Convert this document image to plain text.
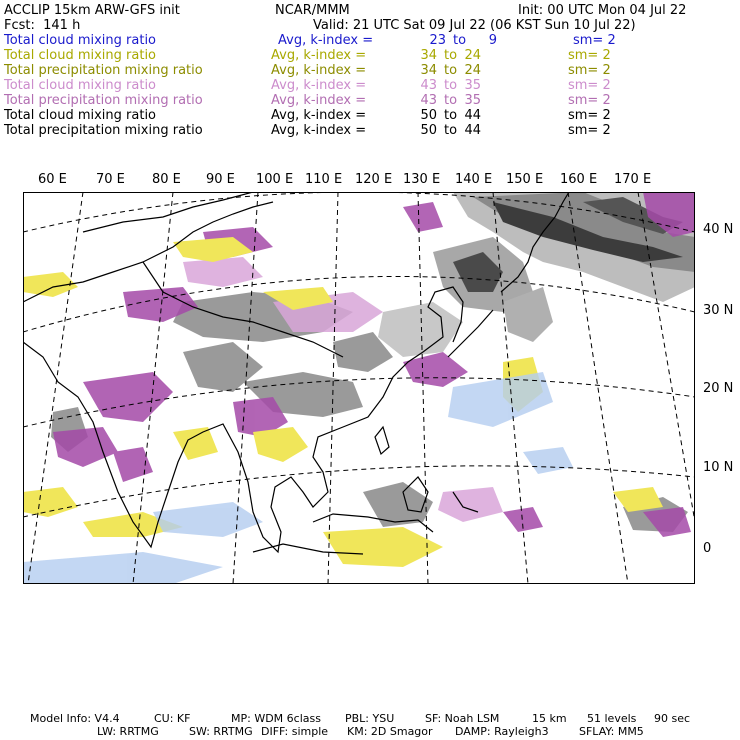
ACCLIP 15km ARW-GFS init	NCAR/MMM	Init: 00 UTC Mon 04 Jul 22
Fcst:  141 h	Valid: 21 UTC Sat 09 Jul 22 (06 KST Sun 10 Jul 22)
Total cloud mixing ratio	Avg, k-index =	23 to 9	sm= 2
Total cloud mixing ratio	Avg, k-index =	34 to 24	sm= 2
Total precipitation mixing ratio	Avg, k-index =	34 to 24	sm= 2
Total cloud mixing ratio	Avg, k-index =	43 to 35	sm= 2
Total precipitation mixing ratio	Avg, k-index =	43 to 35	sm= 2
Total cloud mixing ratio	Avg, k-index =	50 to 44	sm= 2
Total precipitation mixing ratio	Avg, k-index =	50 to 44	sm= 2
60 E 70 E 80 E 90 E 100 E 110 E 120 E 130 E 140 E 150 E 160 E 170 E
40 N
30 N
20 N
10 N
0
Model Info: V4.4	CU: KF	MP: WDM 6class PBL: YSU	SF: Noah LSM	15 km 51 levels 90 sec
LW: RRTMG	SW: RRTMG DIFF: simple KM: 2D Smagor DAMP: Rayleigh3	SFLAY: MM5
